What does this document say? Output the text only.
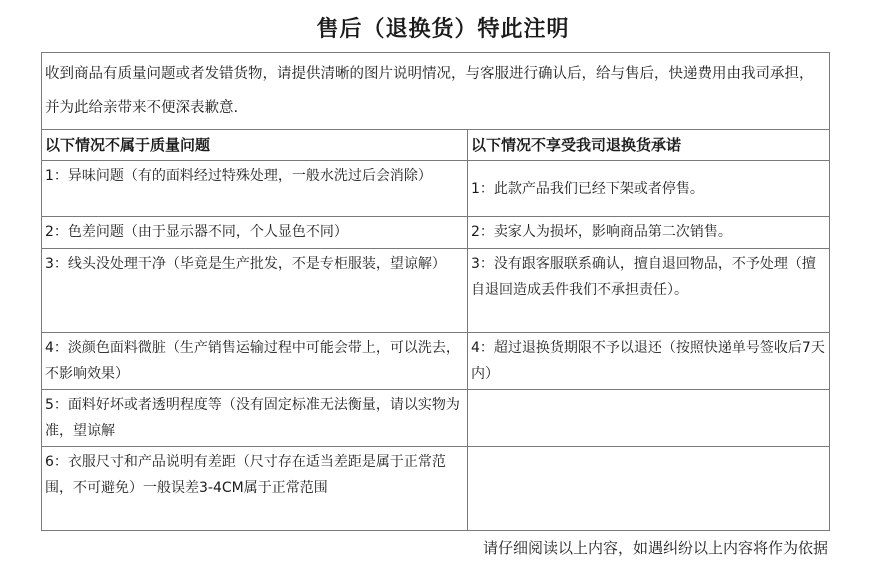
售后（退换货）特此注明
收到商品有质量问题或者发错货物，请提供清晰的图片说明情况，与客服进行确认后，给与售后，快递费用由我司承担，并为此给亲带来不便深表歉意.	
以下情况不属于质量问题	以下情况不享受我司退换货承诺
1：异味问题（有的面料经过特殊处理，一般水洗过后会消除）	1：此款产品我们已经下架或者停售。
2：色差问题（由于显示器不同，个人显色不同）	2：卖家人为损坏，影响商品第二次销售。
3：线头没处理干净（毕竟是生产批发，不是专柜服装，望谅解）	3：没有跟客服联系确认，擅自退回物品，不予处理（擅自退回造成丢件我们不承担责任）。
4：淡颜色面料微脏（生产销售运输过程中可能会带上，可以洗去，不影响效果）	4：超过退换货期限不予以退还（按照快递单号签收后7天内）
5：面料好坏或者透明程度等（没有固定标准无法衡量，请以实物为准，望谅解	
6：衣服尺寸和产品说明有差距（尺寸存在适当差距是属于正常范围，不可避免）一般误差3-4CM属于正常范围	
请仔细阅读以上内容，如遇纠纷以上内容将作为依据
